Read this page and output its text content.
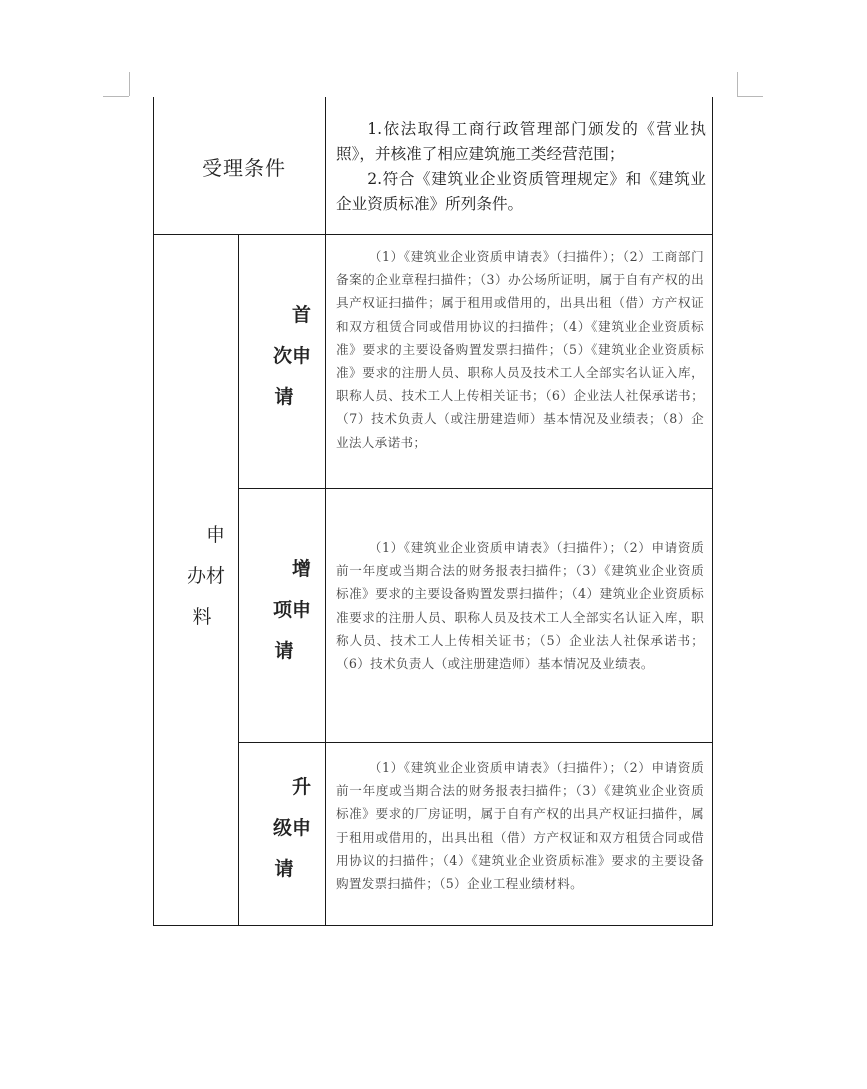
受理条件

1.依法取得工商行政管理部门颁发的《营业执照》，并核准了相应建筑施工类经营范围；

2.符合《建筑业企业资质管理规定》和《建筑业企业资质标准》所列条件。

申
办材
料
首
次申
请

（1）《建筑业企业资质申请表》（扫描件）；（2）工商部门备案的企业章程扫描件；（3）办公场所证明，属于自有产权的出具产权证扫描件；属于租用或借用的，出具出租（借）方产权证和双方租赁合同或借用协议的扫描件；（4）《建筑业企业资质标准》要求的主要设备购置发票扫描件；（5）《建筑业企业资质标准》要求的注册人员、职称人员及技术工人全部实名认证入库，职称人员、技术工人上传相关证书；（6）企业法人社保承诺书；（7）技术负责人（或注册建造师）基本情况及业绩表；（8）企业法人承诺书；

增
项申
请

（1）《建筑业企业资质申请表》（扫描件）；（2）申请资质前一年度或当期合法的财务报表扫描件；（3）《建筑业企业资质标准》要求的主要设备购置发票扫描件；（4）建筑业企业资质标准要求的注册人员、职称人员及技术工人全部实名认证入库，职称人员、技术工人上传相关证书；（5）企业法人社保承诺书；（6）技术负责人（或注册建造师）基本情况及业绩表。

升
级申
请

（1）《建筑业企业资质申请表》（扫描件）；（2）申请资质前一年度或当期合法的财务报表扫描件；（3）《建筑业企业资质标准》要求的厂房证明，属于自有产权的出具产权证扫描件，属于租用或借用的，出具出租（借）方产权证和双方租赁合同或借用协议的扫描件；（4）《建筑业企业资质标准》要求的主要设备购置发票扫描件；（5）企业工程业绩材料。
